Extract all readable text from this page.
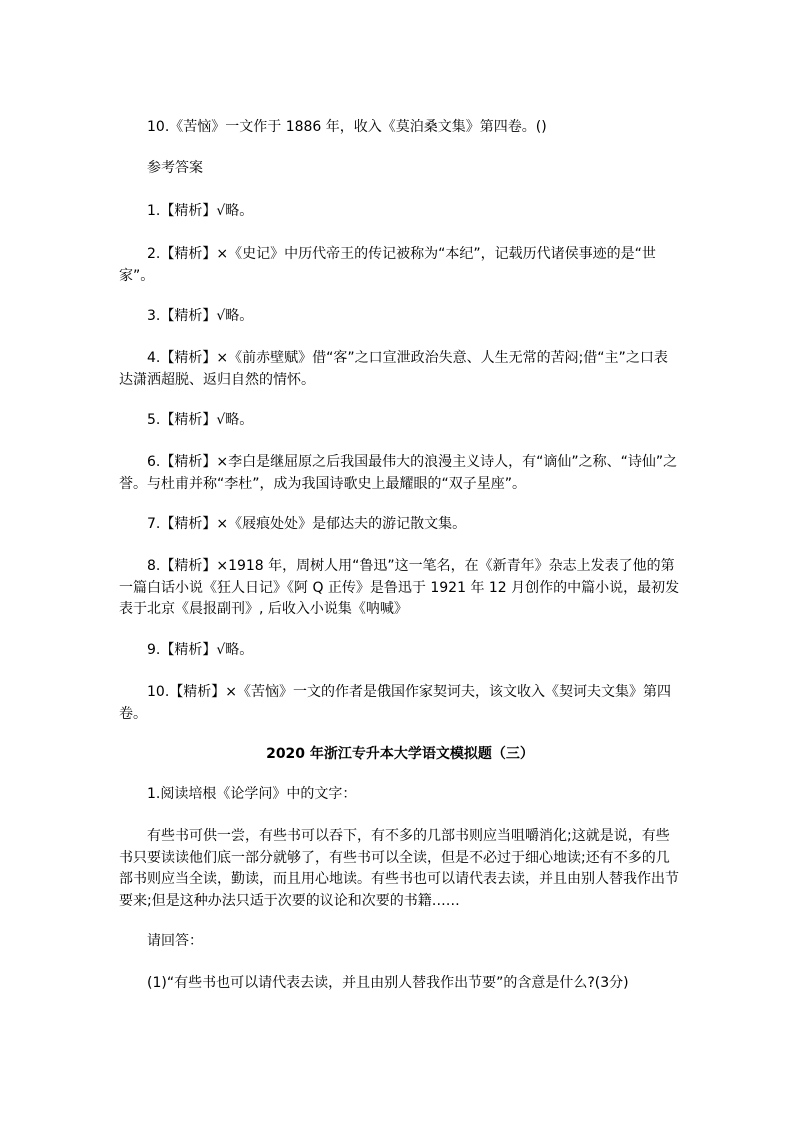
10.《苦恼》一文作于 1886 年，收入《莫泊桑文集》第四卷。()

参考答案

1.【精析】√略。

2.【精析】×《史记》中历代帝王的传记被称为“本纪”，记载历代诸侯事迹的是“世家”。

3.【精析】√略。

4.【精析】×《前赤壁赋》借“客”之口宣泄政治失意、人生无常的苦闷;借“主”之口表达潇洒超脱、返归自然的情怀。

5.【精析】√略。

6.【精析】×李白是继屈原之后我国最伟大的浪漫主义诗人，有“谪仙”之称、“诗仙”之誉。与杜甫并称“李杜”，成为我国诗歌史上最耀眼的“双子星座”。

7.【精析】×《屐痕处处》是郁达夫的游记散文集。

8.【精析】×1918 年，周树人用“鲁迅”这一笔名，在《新青年》杂志上发表了他的第一篇白话小说《狂人日记》《阿 Q 正传》是鲁迅于 1921 年 12 月创作的中篇小说，最初发表于北京《晨报副刊》, 后收入小说集《呐喊》

9.【精析】√略。

10.【精析】×《苦恼》一文的作者是俄国作家契诃夫，该文收入《契诃夫文集》第四卷。

2020 年浙江专升本大学语文模拟题（三）

1.阅读培根《论学问》中的文字：

有些书可供一尝，有些书可以吞下，有不多的几部书则应当咀嚼消化;这就是说，有些书只要读读他们底一部分就够了，有些书可以全读，但是不必过于细心地读;还有不多的几部书则应当全读，勤读，而且用心地读。有些书也可以请代表去读，并且由别人替我作出节要来;但是这种办法只适于次要的议论和次要的书籍……

请回答：

(1)“有些书也可以请代表去读，并且由别人替我作出节要”的含意是什么?(3分)
